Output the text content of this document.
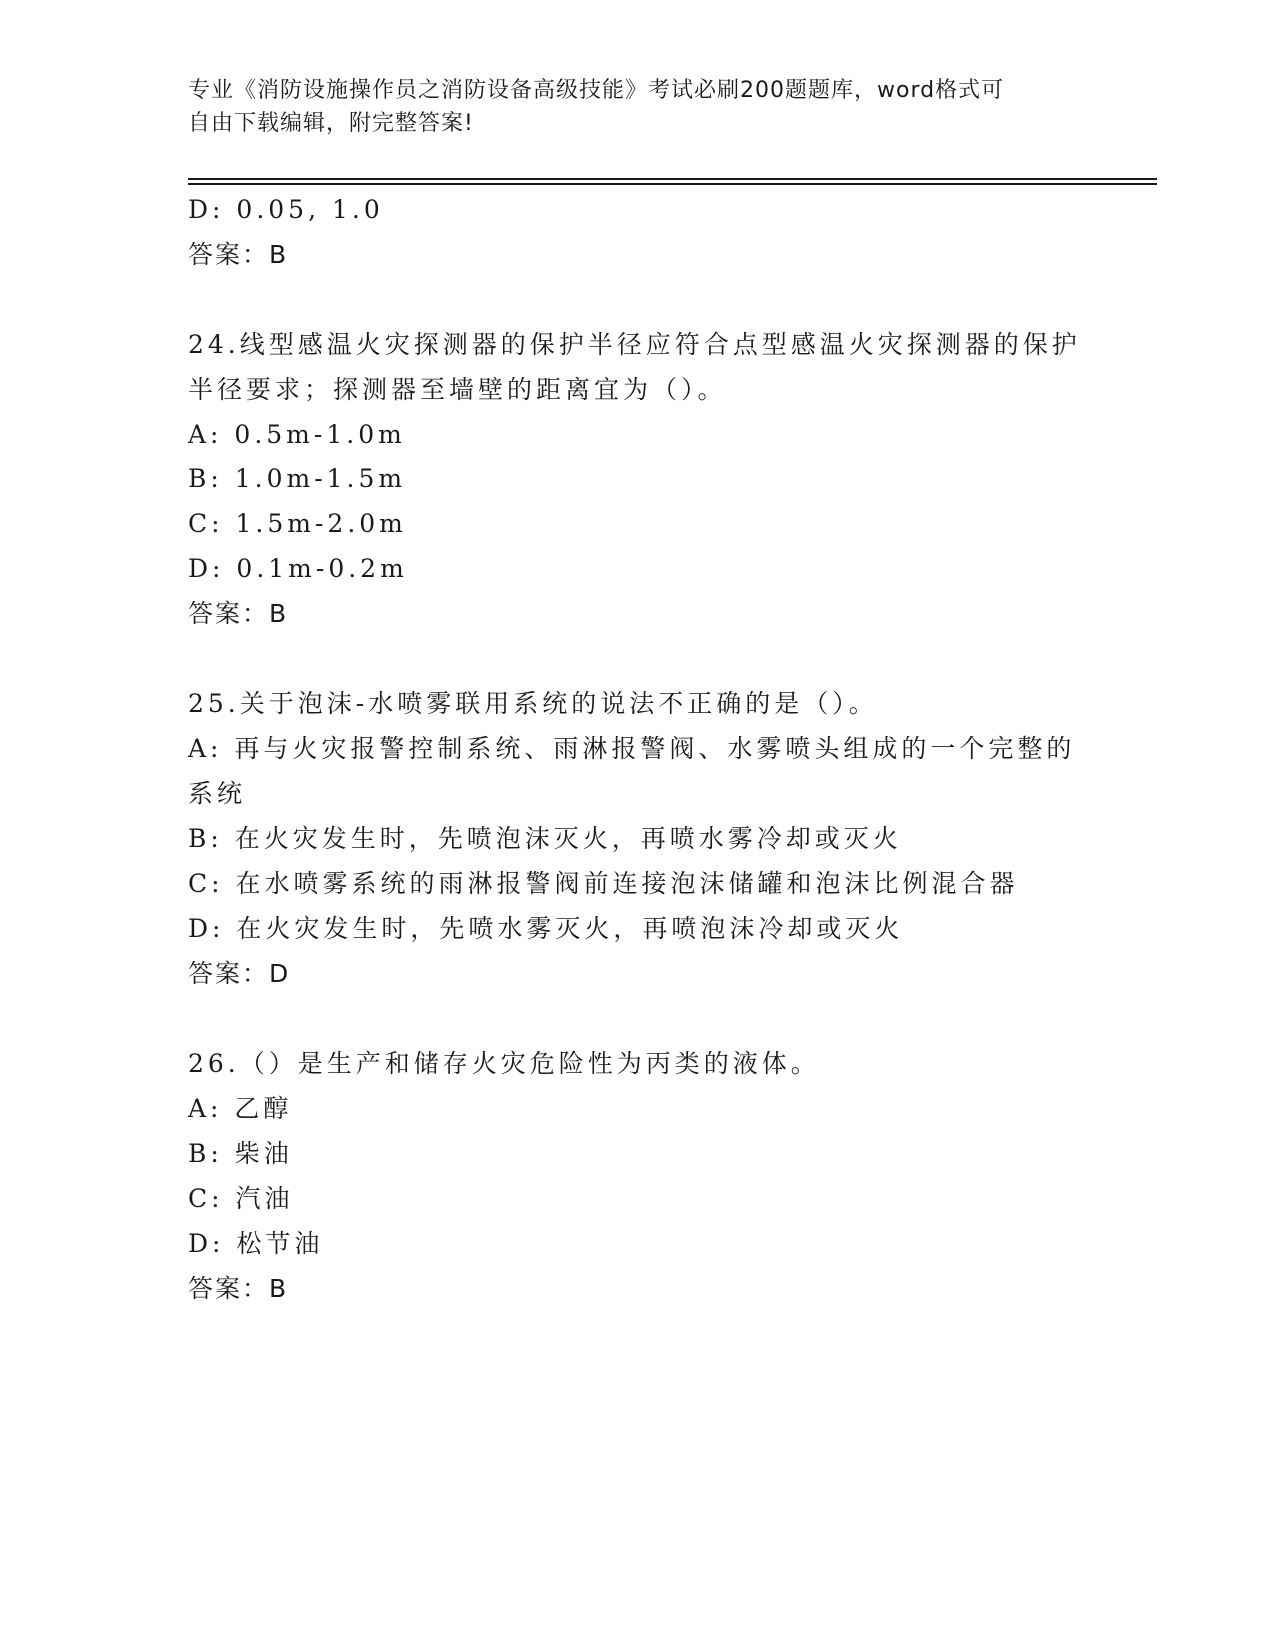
专业《消防设施操作员之消防设备高级技能》考试必刷200题题库，word格式可
自由下载编辑，附完整答案!
D: 0.05, 1.0
答案：B
24.线型感温火灾探测器的保护半径应符合点型感温火灾探测器的保护
半径要求；探测器至墙壁的距离宜为（）。
A: 0.5m-1.0m
B: 1.0m-1.5m
C: 1.5m-2.0m
D: 0.1m-0.2m
答案：B
25.关于泡沫-水喷雾联用系统的说法不正确的是（）。
A: 再与火灾报警控制系统、雨淋报警阀、水雾喷头组成的一个完整的
系统
B: 在火灾发生时，先喷泡沫灭火，再喷水雾冷却或灭火
C: 在水喷雾系统的雨淋报警阀前连接泡沫储罐和泡沫比例混合器
D: 在火灾发生时，先喷水雾灭火，再喷泡沫冷却或灭火
答案：D
26.（）是生产和储存火灾危险性为丙类的液体。
A: 乙醇
B: 柴油
C: 汽油
D: 松节油
答案：B
